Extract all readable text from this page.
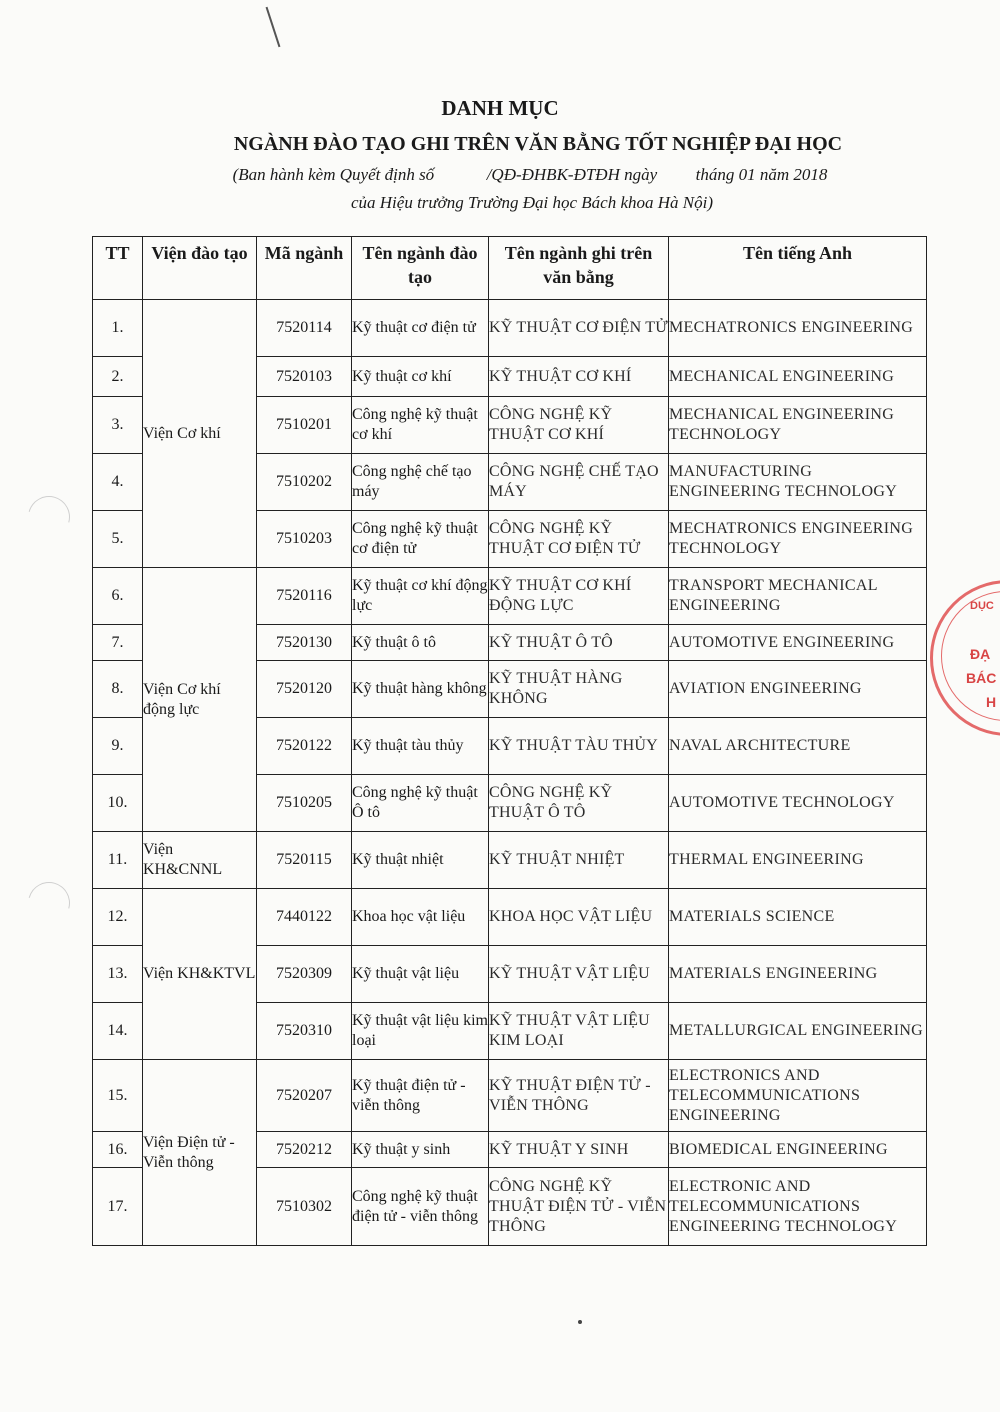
DANH MỤC
NGÀNH ĐÀO TẠO GHI TRÊN VĂN BẰNG TỐT NGHIỆP ĐẠI HỌC
(Ban hành kèm Quyết định số	/QĐ-ĐHBK-ĐTĐH ngày tháng 01 năm 2018
của Hiệu trưởng Trường Đại học Bách khoa Hà Nội)
TT	Viện đào tạo	Mã ngành	Tên ngành đào tạo	Tên ngành ghi trên văn bằng	Tên tiếng Anh
1.	Viện Cơ khí	7520114	Kỹ thuật cơ điện tử	KỸ THUẬT CƠ ĐIỆN TỬ	MECHATRONICS ENGINEERING
2.		7520103	Kỹ thuật cơ khí	KỸ THUẬT CƠ KHÍ	MECHANICAL ENGINEERING
3.		7510201	Công nghệ kỹ thuật cơ khí	CÔNG NGHỆ KỸ THUẬT CƠ KHÍ	MECHANICAL ENGINEERING TECHNOLOGY
4.		7510202	Công nghệ chế tạo máy	CÔNG NGHỆ CHẾ TẠO MÁY	MANUFACTURING ENGINEERING TECHNOLOGY
5.		7510203	Công nghệ kỹ thuật cơ điện tử	CÔNG NGHỆ KỸ THUẬT CƠ ĐIỆN TỬ	MECHATRONICS ENGINEERING TECHNOLOGY
6.	Viện Cơ khí động lực	7520116	Kỹ thuật cơ khí động lực	KỸ THUẬT CƠ KHÍ ĐỘNG LỰC	TRANSPORT MECHANICAL ENGINEERING
7.		7520130	Kỹ thuật ô tô	KỸ THUẬT Ô TÔ	AUTOMOTIVE ENGINEERING
8.		7520120	Kỹ thuật hàng không	KỸ THUẬT HÀNG KHÔNG	AVIATION ENGINEERING
9.		7520122	Kỹ thuật tàu thủy	KỸ THUẬT TÀU THỦY	NAVAL ARCHITECTURE
10.		7510205	Công nghệ kỹ thuật Ô tô	CÔNG NGHỆ KỸ THUẬT Ô TÔ	AUTOMOTIVE TECHNOLOGY
11.	Viện KH&CNNL	7520115	Kỹ thuật nhiệt	KỸ THUẬT NHIỆT	THERMAL ENGINEERING
12.	Viện KH&KTVL	7440122	Khoa học vật liệu	KHOA HỌC VẬT LIỆU	MATERIALS SCIENCE
13.		7520309	Kỹ thuật vật liệu	KỸ THUẬT VẬT LIỆU	MATERIALS ENGINEERING
14.		7520310	Kỹ thuật vật liệu kim loại	KỸ THUẬT VẬT LIỆU KIM LOẠI	METALLURGICAL ENGINEERING
15.	Viện Điện tử - Viễn thông	7520207	Kỹ thuật điện tử - viễn thông	KỸ THUẬT ĐIỆN TỬ - VIỄN THÔNG	ELECTRONICS AND TELECOMMUNICATIONS ENGINEERING
16.		7520212	Kỹ thuật y sinh	KỸ THUẬT Y SINH	BIOMEDICAL ENGINEERING
17.		7510302	Công nghệ kỹ thuật điện tử - viễn thông	CÔNG NGHỆ KỸ THUẬT ĐIỆN TỬ - VIỄN THÔNG	ELECTRONIC AND TELECOMMUNICATIONS ENGINEERING TECHNOLOGY
DỤC
ĐẠ
BÁC
H
